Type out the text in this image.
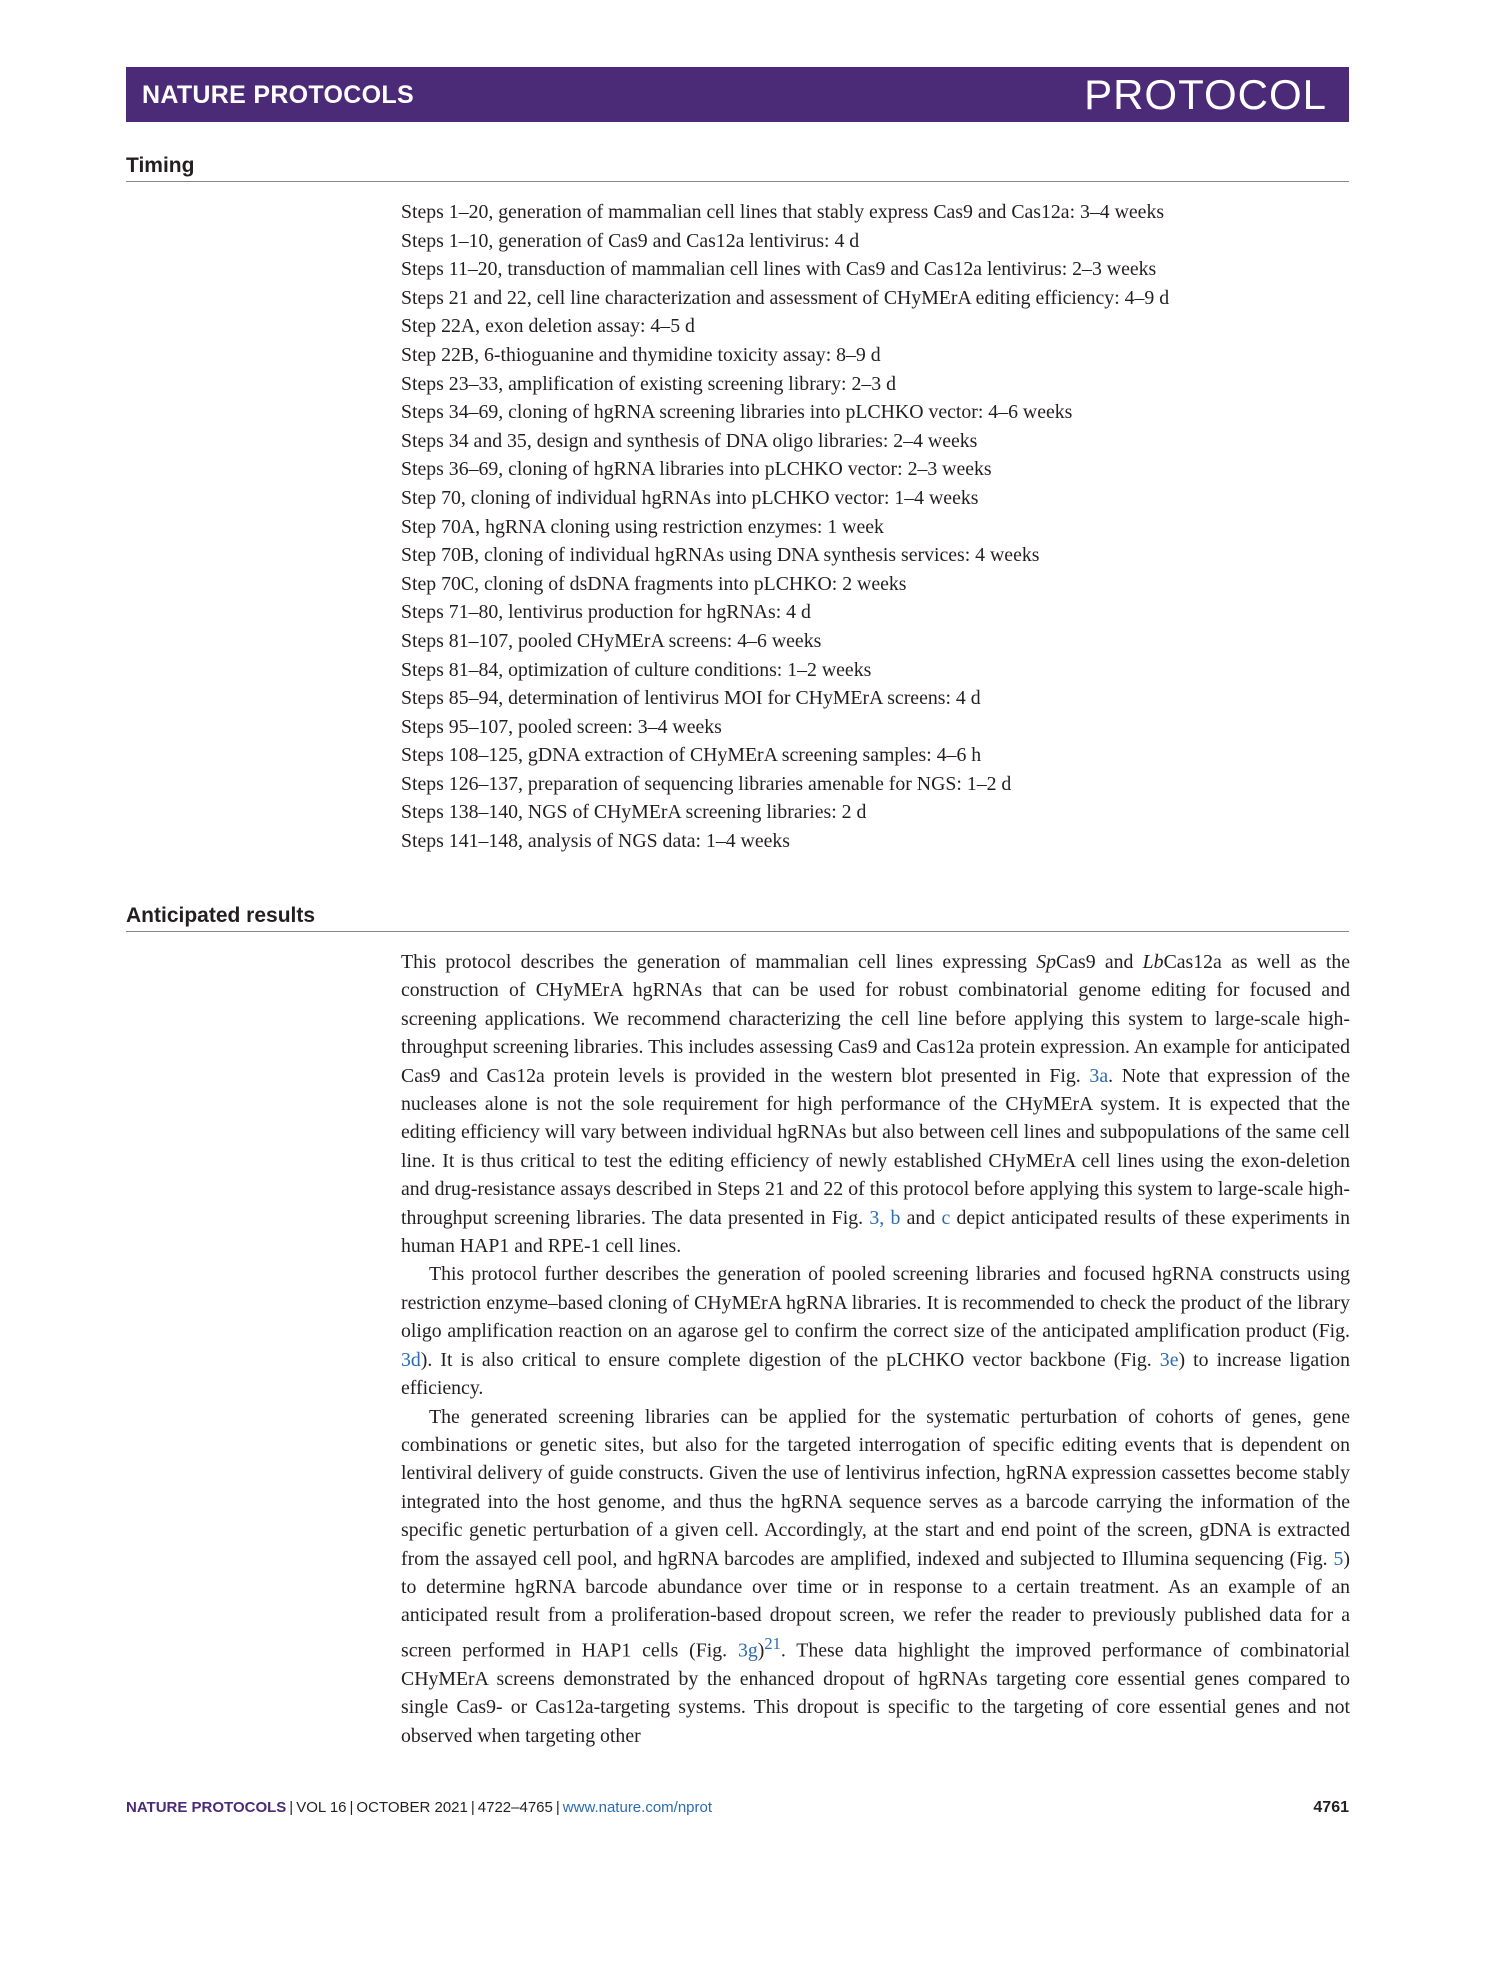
NATURE PROTOCOLS	PROTOCOL
Timing
Steps 1–20, generation of mammalian cell lines that stably express Cas9 and Cas12a: 3–4 weeks
Steps 1–10, generation of Cas9 and Cas12a lentivirus: 4 d
Steps 11–20, transduction of mammalian cell lines with Cas9 and Cas12a lentivirus: 2–3 weeks
Steps 21 and 22, cell line characterization and assessment of CHyMErA editing efficiency: 4–9 d
Step 22A, exon deletion assay: 4–5 d
Step 22B, 6-thioguanine and thymidine toxicity assay: 8–9 d
Steps 23–33, amplification of existing screening library: 2–3 d
Steps 34–69, cloning of hgRNA screening libraries into pLCHKO vector: 4–6 weeks
Steps 34 and 35, design and synthesis of DNA oligo libraries: 2–4 weeks
Steps 36–69, cloning of hgRNA libraries into pLCHKO vector: 2–3 weeks
Step 70, cloning of individual hgRNAs into pLCHKO vector: 1–4 weeks
Step 70A, hgRNA cloning using restriction enzymes: 1 week
Step 70B, cloning of individual hgRNAs using DNA synthesis services: 4 weeks
Step 70C, cloning of dsDNA fragments into pLCHKO: 2 weeks
Steps 71–80, lentivirus production for hgRNAs: 4 d
Steps 81–107, pooled CHyMErA screens: 4–6 weeks
Steps 81–84, optimization of culture conditions: 1–2 weeks
Steps 85–94, determination of lentivirus MOI for CHyMErA screens: 4 d
Steps 95–107, pooled screen: 3–4 weeks
Steps 108–125, gDNA extraction of CHyMErA screening samples: 4–6 h
Steps 126–137, preparation of sequencing libraries amenable for NGS: 1–2 d
Steps 138–140, NGS of CHyMErA screening libraries: 2 d
Steps 141–148, analysis of NGS data: 1–4 weeks
Anticipated results

This protocol describes the generation of mammalian cell lines expressing SpCas9 and LbCas12a as well as the construction of CHyMErA hgRNAs that can be used for robust combinatorial genome editing for focused and screening applications. We recommend characterizing the cell line before applying this system to large-scale high-throughput screening libraries. This includes assessing Cas9 and Cas12a protein expression. An example for anticipated Cas9 and Cas12a protein levels is provided in the western blot presented in Fig. 3a. Note that expression of the nucleases alone is not the sole requirement for high performance of the CHyMErA system. It is expected that the editing efficiency will vary between individual hgRNAs but also between cell lines and subpopulations of the same cell line. It is thus critical to test the editing efficiency of newly established CHyMErA cell lines using the exon-deletion and drug-resistance assays described in Steps 21 and 22 of this protocol before applying this system to large-scale high-throughput screening libraries. The data presented in Fig. 3, b and c depict anticipated results of these experiments in human HAP1 and RPE-1 cell lines.

This protocol further describes the generation of pooled screening libraries and focused hgRNA constructs using restriction enzyme–based cloning of CHyMErA hgRNA libraries. It is recommended to check the product of the library oligo amplification reaction on an agarose gel to confirm the correct size of the anticipated amplification product (Fig. 3d). It is also critical to ensure complete digestion of the pLCHKO vector backbone (Fig. 3e) to increase ligation efficiency.

The generated screening libraries can be applied for the systematic perturbation of cohorts of genes, gene combinations or genetic sites, but also for the targeted interrogation of specific editing events that is dependent on lentiviral delivery of guide constructs. Given the use of lentivirus infection, hgRNA expression cassettes become stably integrated into the host genome, and thus the hgRNA sequence serves as a barcode carrying the information of the specific genetic perturbation of a given cell. Accordingly, at the start and end point of the screen, gDNA is extracted from the assayed cell pool, and hgRNA barcodes are amplified, indexed and subjected to Illumina sequencing (Fig. 5) to determine hgRNA barcode abundance over time or in response to a certain treatment. As an example of an anticipated result from a proliferation-based dropout screen, we refer the reader to previously published data for a screen performed in HAP1 cells (Fig. 3g)$^{21}$. These data highlight the improved performance of combinatorial CHyMErA screens demonstrated by the enhanced dropout of hgRNAs targeting core essential genes compared to single Cas9- or Cas12a-targeting systems. This dropout is specific to the targeting of core essential genes and not observed when targeting other

NATURE PROTOCOLS | VOL 16 | OCTOBER 2021 | 4722–4765 | www.nature.com/nprot	4761
